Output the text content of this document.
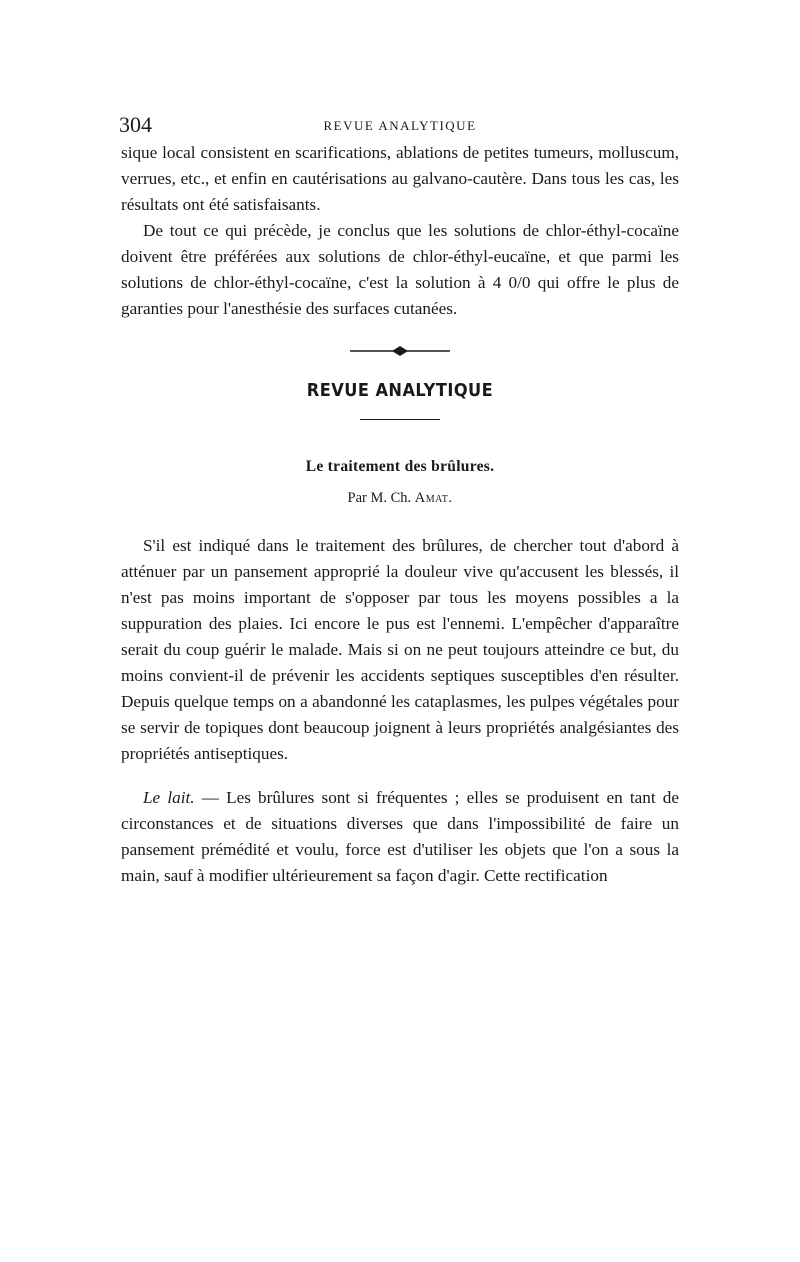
304	REVUE ANALYTIQUE

sique local consistent en scarifications, ablations de petites tumeurs, molluscum, verrues, etc., et enfin en cautérisations au galvano-cautère. Dans tous les cas, les résultats ont été satisfaisants.

De tout ce qui précède, je conclus que les solutions de chlor-éthyl-cocaïne doivent être préférées aux solutions de chlor-éthyl-eucaïne, et que parmi les solutions de chlor-éthyl-cocaïne, c'est la solution à 4 0/0 qui offre le plus de garanties pour l'anesthésie des surfaces cutanées.

REVUE ANALYTIQUE
Le traitement des brûlures.
Par M. Ch. Amat.

S'il est indiqué dans le traitement des brûlures, de chercher tout d'abord à atténuer par un pansement approprié la douleur vive qu'accusent les blessés, il n'est pas moins important de s'opposer par tous les moyens possibles a la suppuration des plaies. Ici encore le pus est l'ennemi. L'empêcher d'apparaître serait du coup guérir le malade. Mais si on ne peut toujours atteindre ce but, du moins convient-il de prévenir les accidents septiques susceptibles d'en résulter. Depuis quelque temps on a abandonné les cataplasmes, les pulpes végétales pour se servir de topiques dont beaucoup joignent à leurs propriétés analgésiantes des propriétés antiseptiques.

Le lait. — Les brûlures sont si fréquentes ; elles se produisent en tant de circonstances et de situations diverses que dans l'impossibilité de faire un pansement prémédité et voulu, force est d'utiliser les objets que l'on a sous la main, sauf à modifier ultérieurement sa façon d'agir. Cette rectification
